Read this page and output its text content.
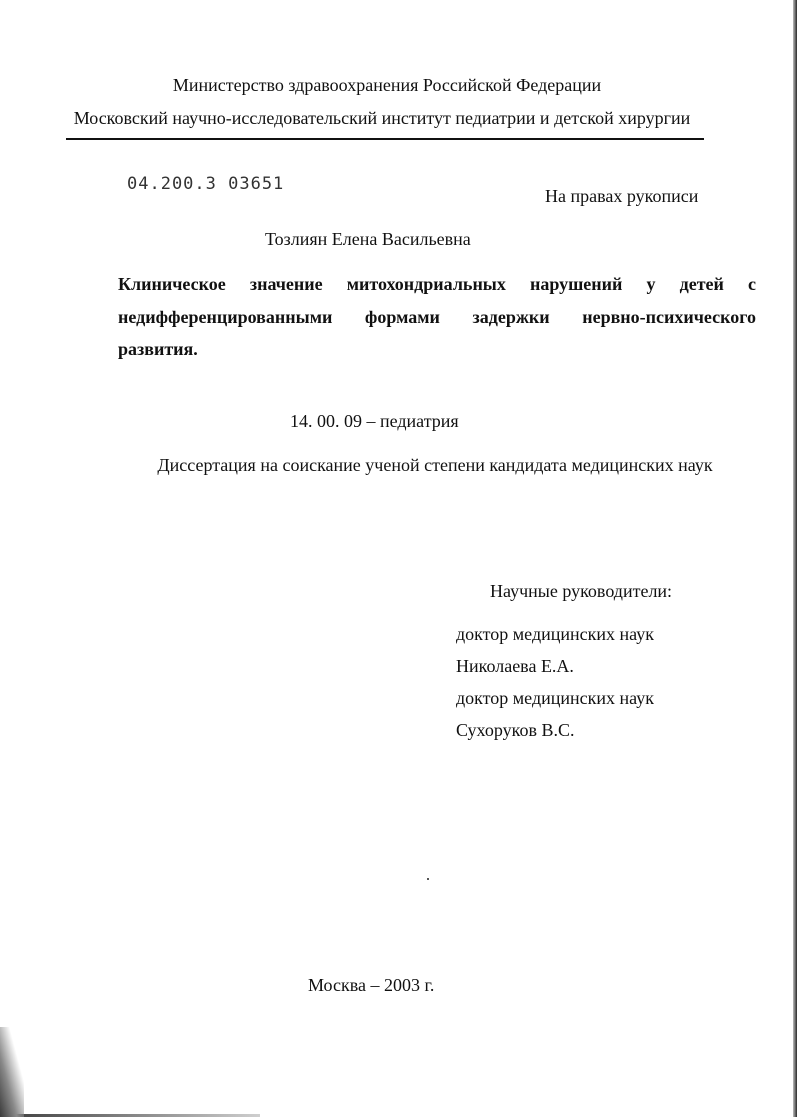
Министерство здравоохранения Российской Федерации
Московский научно-исследовательский институт педиатрии и детской хирургии
04.200.3 03651
На правах рукописи
Тозлиян Елена Васильевна
Клиническое значение митохондриальных нарушений у детей с
недифференцированными формами задержки нервно-психического
развития.
14. 00. 09 – педиатрия
Диссертация на соискание ученой степени кандидата медицинских наук
Научные руководители:
доктор медицинских наук
Николаева Е.А.
доктор медицинских наук
Сухоруков В.С.
Москва – 2003 г.
